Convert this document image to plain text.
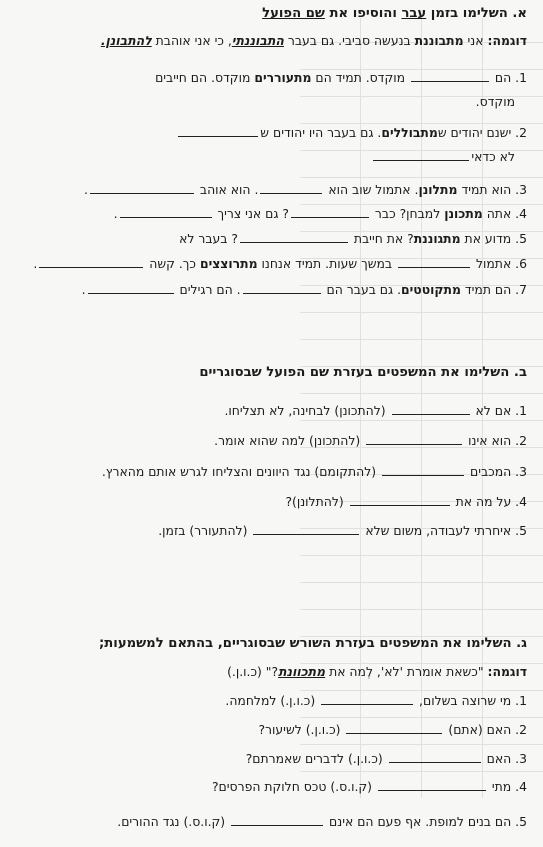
א. השלימו בזמן עבר והוסיפו את שם הפועל
דוגמה: אני מתבוננת בנעשה סביבי. גם בעבר התבוננתי, כי אני אוהבת להתבונן.
1. הם  מוקדס. תמיד הם מתעוררים מוקדס. הם חייבים
מוקדס.
2. ישנם יהודים שמתבוללים. גם בעבר היו יהודים ש
לא כדאי
3. הוא תמיד מתלונן. אתמול שוב הוא . הוא אוהב .
4. אתה מתכונן למבחן? כבר ? גם אני צריך .
5. מדוע את מתגוננת? את חייבת ? בעבר לא
6. אתמול  במשך שעות. תמיד אנחנו מתרוצצים כך. קשה .
7. הם תמיד מתקוטטים. גם בעבר הם . הם רגילים .
ב. השלימו את המשפטים בעזרת שם הפועל שבסוגריים
1. אם לא  (להתכונן) לבחינה, לא תצליחו.
2. הוא אינו  (להתכונן) למה שהוא אומר.
3. המכבים  (להתקומם) נגד היוונים והצליחו לגרש אותם מהארץ.
4. על מה את  (להתלונן)?
5. איחרתי לעבודה, משום שלא  (להתעורר) בזמן.
ג. השלימו את המשפטים בעזרת השורש שבסוגריים, בהתאם למשמעות;
דוגמה: "כשאת אומרת 'לא', לְמה את מתכוונת?" (כ.ו.ן.)
1. מי שרוצה בשלום,  (כ.ו.ן.) למלחמה.
2. האם (אתם)  (כ.ו.ן.) לשיעור?
3. האם  (כ.ו.ן.) לדברים שאמרתם?
4. מתי  (ק.ו.ס.) טכס חלוקת הפרסים?
5. הם בנים למופת. אף פעם הם אינם  (ק.ו.ס.) נגד ההורים.
